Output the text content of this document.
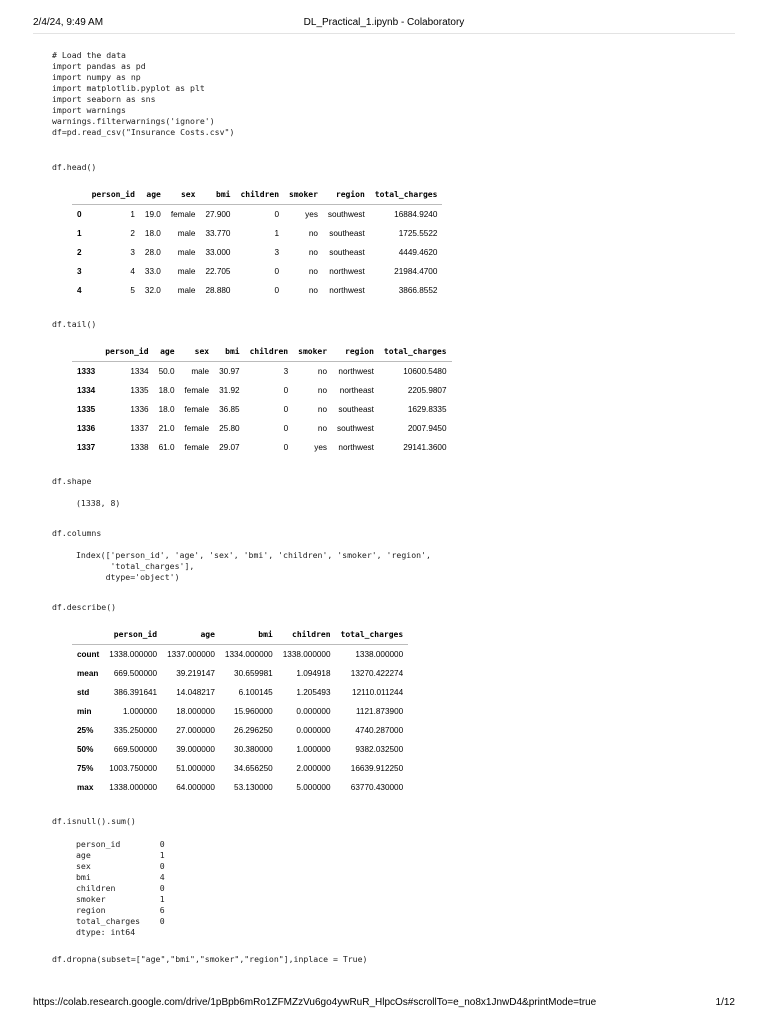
2/4/24, 9:49 AM	DL_Practical_1.ipynb - Colaboratory
# Load the data
import pandas as pd
import numpy as np
import matplotlib.pyplot as plt
import seaborn as sns
import warnings
warnings.filterwarnings('ignore')
df=pd.read_csv("Insurance Costs.csv")
df.head()
	person_id	age	sex	bmi	children	smoker	region	total_charges
0	1	19.0	female	27.900	0	yes	southwest	16884.9240
1	2	18.0	male	33.770	1	no	southeast	1725.5522
2	3	28.0	male	33.000	3	no	southeast	4449.4620
3	4	33.0	male	22.705	0	no	northwest	21984.4700
4	5	32.0	male	28.880	0	no	northwest	3866.8552
df.tail()
	person_id	age	sex	bmi	children	smoker	region	total_charges
1333	1334	50.0	male	30.97	3	no	northwest	10600.5480
1334	1335	18.0	female	31.92	0	no	northeast	2205.9807
1335	1336	18.0	female	36.85	0	no	southeast	1629.8335
1336	1337	21.0	female	25.80	0	no	southwest	2007.9450
1337	1338	61.0	female	29.07	0	yes	northwest	29141.3600
df.shape
(1338, 8)
df.columns
Index(['person_id', 'age', 'sex', 'bmi', 'children', 'smoker', 'region',
'total_charges'],
dtype='object')
df.describe()
	person_id	age	bmi	children	total_charges
count	1338.000000	1337.000000	1334.000000	1338.000000	1338.000000
mean	669.500000	39.219147	30.659981	1.094918	13270.422274
std	386.391641	14.048217	6.100145	1.205493	12110.011244
min	1.000000	18.000000	15.960000	0.000000	1121.873900
25%	335.250000	27.000000	26.296250	0.000000	4740.287000
50%	669.500000	39.000000	30.380000	1.000000	9382.032500
75%	1003.750000	51.000000	34.656250	2.000000	16639.912250
max	1338.000000	64.000000	53.130000	5.000000	63770.430000
df.isnull().sum()
person_id        0
age              1
sex              0
bmi              4
children         0
smoker           1
region           6
total_charges    0
dtype: int64
df.dropna(subset=["age","bmi","smoker","region"],inplace = True)
https://colab.research.google.com/drive/1pBpb6mRo1ZFMZzVu6go4ywRuR_HlpcOs#scrollTo=e_no8x1JnwD4&printMode=true	1/12
